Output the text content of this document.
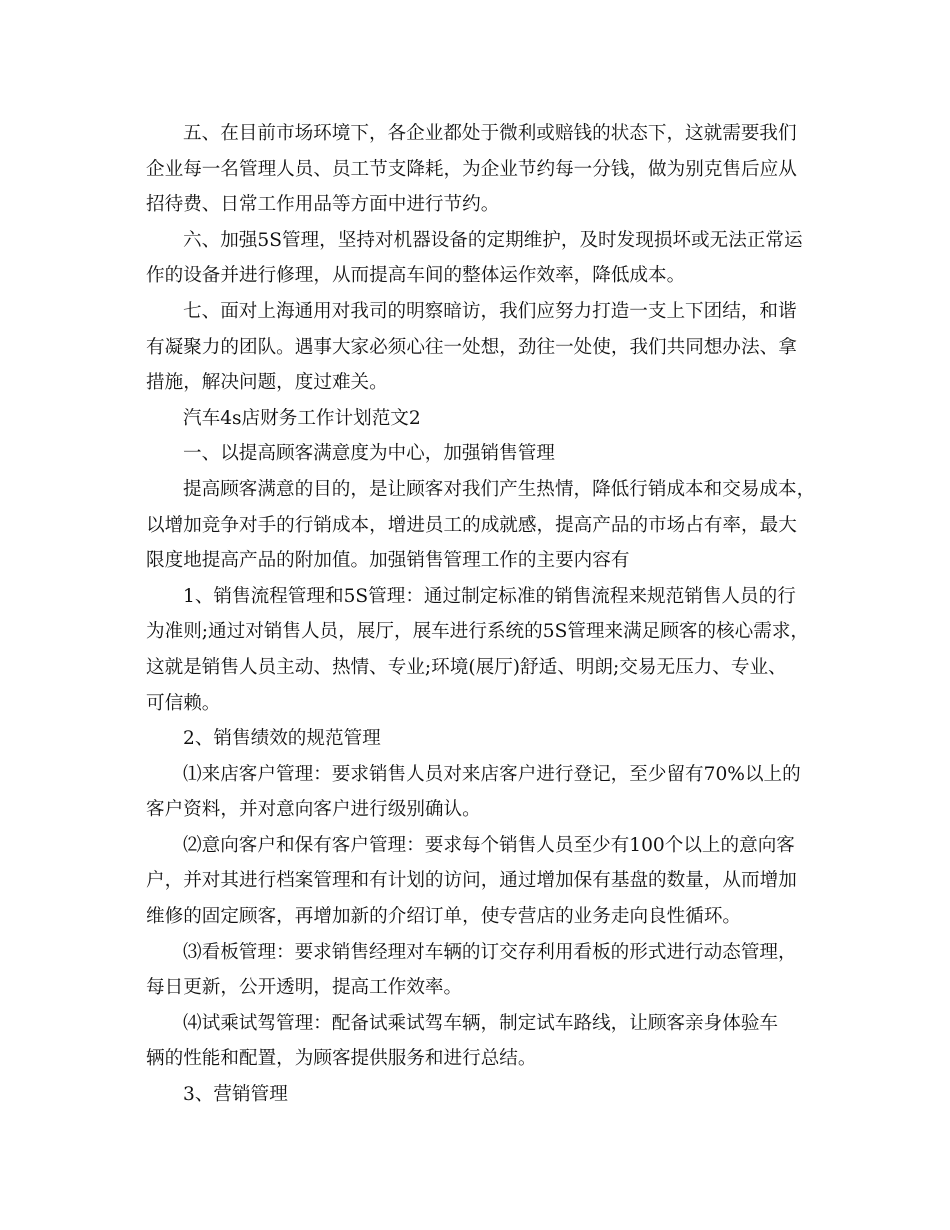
五、在目前市场环境下，各企业都处于微利或赔钱的状态下，这就需要我们
企业每一名管理人员、员工节支降耗，为企业节约每一分钱，做为别克售后应从
招待费、日常工作用品等方面中进行节约。
六、加强5S管理，坚持对机器设备的定期维护，及时发现损坏或无法正常运
作的设备并进行修理，从而提高车间的整体运作效率，降低成本。
七、面对上海通用对我司的明察暗访，我们应努力打造一支上下团结，和谐
有凝聚力的团队。遇事大家必须心往一处想，劲往一处使，我们共同想办法、拿
措施，解决问题，度过难关。
汽车4s店财务工作计划范文2
一、以提高顾客满意度为中心，加强销售管理
提高顾客满意的目的，是让顾客对我们产生热情，降低行销成本和交易成本，
以增加竞争对手的行销成本，增进员工的成就感，提高产品的市场占有率，最大
限度地提高产品的附加值。加强销售管理工作的主要内容有
1、销售流程管理和5S管理：通过制定标准的销售流程来规范销售人员的行
为准则;通过对销售人员，展厅，展车进行系统的5S管理来满足顾客的核心需求，
这就是销售人员主动、热情、专业;环境(展厅)舒适、明朗;交易无压力、专业、
可信赖。
2、销售绩效的规范管理
⑴来店客户管理：要求销售人员对来店客户进行登记，至少留有70%以上的
客户资料，并对意向客户进行级别确认。
⑵意向客户和保有客户管理：要求每个销售人员至少有100个以上的意向客
户，并对其进行档案管理和有计划的访问，通过增加保有基盘的数量，从而增加
维修的固定顾客，再增加新的介绍订单，使专营店的业务走向良性循环。
⑶看板管理：要求销售经理对车辆的订交存利用看板的形式进行动态管理，
每日更新，公开透明，提高工作效率。
⑷试乘试驾管理：配备试乘试驾车辆，制定试车路线，让顾客亲身体验车
辆的性能和配置，为顾客提供服务和进行总结。
3、营销管理
